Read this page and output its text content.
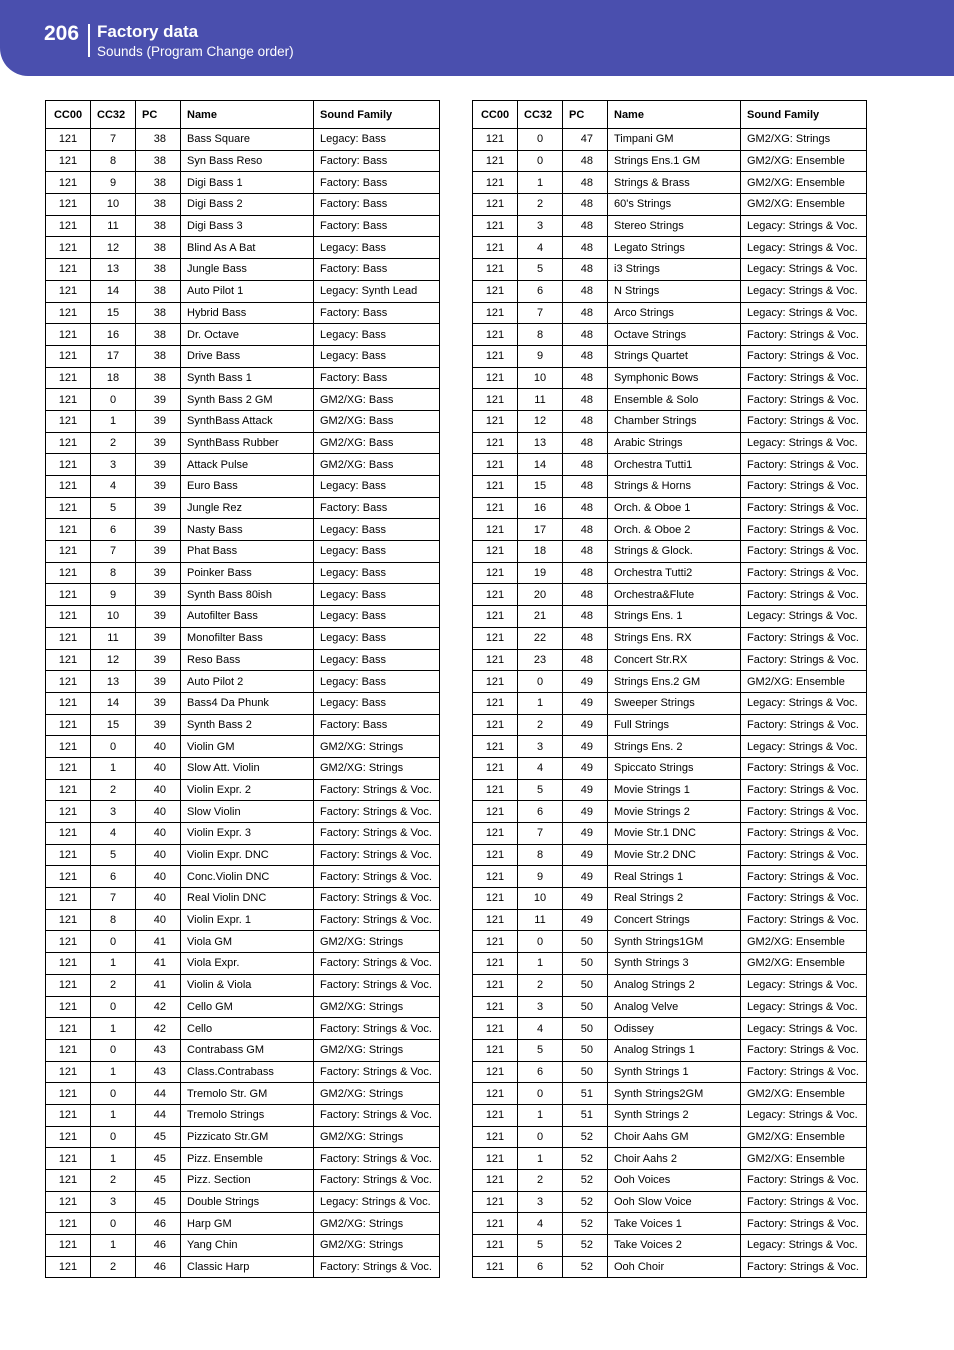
206 Factory data
Sounds (Program Change order)
CC00	CC32	PC	Name	Sound Family
121	7	38	Bass Square	Legacy: Bass
121	8	38	Syn Bass Reso	Factory: Bass
121	9	38	Digi Bass 1	Factory: Bass
121	10	38	Digi Bass 2	Factory: Bass
121	11	38	Digi Bass 3	Factory: Bass
121	12	38	Blind As A Bat	Legacy: Bass
121	13	38	Jungle Bass	Factory: Bass
121	14	38	Auto Pilot 1	Legacy: Synth Lead
121	15	38	Hybrid Bass	Factory: Bass
121	16	38	Dr. Octave	Legacy: Bass
121	17	38	Drive Bass	Legacy: Bass
121	18	38	Synth Bass 1	Factory: Bass
121	0	39	Synth Bass 2 GM	GM2/XG: Bass
121	1	39	SynthBass Attack	GM2/XG: Bass
121	2	39	SynthBass Rubber	GM2/XG: Bass
121	3	39	Attack Pulse	GM2/XG: Bass
121	4	39	Euro Bass	Legacy: Bass
121	5	39	Jungle Rez	Factory: Bass
121	6	39	Nasty Bass	Legacy: Bass
121	7	39	Phat Bass	Legacy: Bass
121	8	39	Poinker Bass	Legacy: Bass
121	9	39	Synth Bass 80ish	Legacy: Bass
121	10	39	Autofilter Bass	Legacy: Bass
121	11	39	Monofilter Bass	Legacy: Bass
121	12	39	Reso Bass	Legacy: Bass
121	13	39	Auto Pilot 2	Legacy: Bass
121	14	39	Bass4 Da Phunk	Legacy: Bass
121	15	39	Synth Bass 2	Factory: Bass
121	0	40	Violin GM	GM2/XG: Strings
121	1	40	Slow Att. Violin	GM2/XG: Strings
121	2	40	Violin Expr. 2	Factory: Strings & Voc.
121	3	40	Slow Violin	Factory: Strings & Voc.
121	4	40	Violin Expr. 3	Factory: Strings & Voc.
121	5	40	Violin Expr. DNC	Factory: Strings & Voc.
121	6	40	Conc.Violin DNC	Factory: Strings & Voc.
121	7	40	Real Violin DNC	Factory: Strings & Voc.
121	8	40	Violin Expr. 1	Factory: Strings & Voc.
121	0	41	Viola GM	GM2/XG: Strings
121	1	41	Viola Expr.	Factory: Strings & Voc.
121	2	41	Violin & Viola	Factory: Strings & Voc.
121	0	42	Cello GM	GM2/XG: Strings
121	1	42	Cello	Factory: Strings & Voc.
121	0	43	Contrabass GM	GM2/XG: Strings
121	1	43	Class.Contrabass	Factory: Strings & Voc.
121	0	44	Tremolo Str. GM	GM2/XG: Strings
121	1	44	Tremolo Strings	Factory: Strings & Voc.
121	0	45	Pizzicato Str.GM	GM2/XG: Strings
121	1	45	Pizz. Ensemble	Factory: Strings & Voc.
121	2	45	Pizz. Section	Factory: Strings & Voc.
121	3	45	Double Strings	Legacy: Strings & Voc.
121	0	46	Harp GM	GM2/XG: Strings
121	1	46	Yang Chin	GM2/XG: Strings
121	2	46	Classic Harp	Factory: Strings & Voc.
CC00	CC32	PC	Name	Sound Family
121	0	47	Timpani GM	GM2/XG: Strings
121	0	48	Strings Ens.1 GM	GM2/XG: Ensemble
121	1	48	Strings & Brass	GM2/XG: Ensemble
121	2	48	60's Strings	GM2/XG: Ensemble
121	3	48	Stereo Strings	Legacy: Strings & Voc.
121	4	48	Legato Strings	Legacy: Strings & Voc.
121	5	48	i3 Strings	Legacy: Strings & Voc.
121	6	48	N Strings	Legacy: Strings & Voc.
121	7	48	Arco Strings	Legacy: Strings & Voc.
121	8	48	Octave Strings	Factory: Strings & Voc.
121	9	48	Strings Quartet	Factory: Strings & Voc.
121	10	48	Symphonic Bows	Factory: Strings & Voc.
121	11	48	Ensemble & Solo	Factory: Strings & Voc.
121	12	48	Chamber Strings	Factory: Strings & Voc.
121	13	48	Arabic Strings	Legacy: Strings & Voc.
121	14	48	Orchestra Tutti1	Factory: Strings & Voc.
121	15	48	Strings & Horns	Factory: Strings & Voc.
121	16	48	Orch. & Oboe 1	Factory: Strings & Voc.
121	17	48	Orch. & Oboe 2	Factory: Strings & Voc.
121	18	48	Strings & Glock.	Factory: Strings & Voc.
121	19	48	Orchestra Tutti2	Factory: Strings & Voc.
121	20	48	Orchestra&Flute	Factory: Strings & Voc.
121	21	48	Strings Ens. 1	Legacy: Strings & Voc.
121	22	48	Strings Ens. RX	Factory: Strings & Voc.
121	23	48	Concert Str.RX	Factory: Strings & Voc.
121	0	49	Strings Ens.2 GM	GM2/XG: Ensemble
121	1	49	Sweeper Strings	Legacy: Strings & Voc.
121	2	49	Full Strings	Factory: Strings & Voc.
121	3	49	Strings Ens. 2	Legacy: Strings & Voc.
121	4	49	Spiccato Strings	Factory: Strings & Voc.
121	5	49	Movie Strings 1	Factory: Strings & Voc.
121	6	49	Movie Strings 2	Factory: Strings & Voc.
121	7	49	Movie Str.1 DNC	Factory: Strings & Voc.
121	8	49	Movie Str.2 DNC	Factory: Strings & Voc.
121	9	49	Real Strings 1	Factory: Strings & Voc.
121	10	49	Real Strings 2	Factory: Strings & Voc.
121	11	49	Concert Strings	Factory: Strings & Voc.
121	0	50	Synth Strings1GM	GM2/XG: Ensemble
121	1	50	Synth Strings 3	GM2/XG: Ensemble
121	2	50	Analog Strings 2	Legacy: Strings & Voc.
121	3	50	Analog Velve	Legacy: Strings & Voc.
121	4	50	Odissey	Legacy: Strings & Voc.
121	5	50	Analog Strings 1	Factory: Strings & Voc.
121	6	50	Synth Strings 1	Factory: Strings & Voc.
121	0	51	Synth Strings2GM	GM2/XG: Ensemble
121	1	51	Synth Strings 2	Legacy: Strings & Voc.
121	0	52	Choir Aahs GM	GM2/XG: Ensemble
121	1	52	Choir Aahs 2	GM2/XG: Ensemble
121	2	52	Ooh Voices	Factory: Strings & Voc.
121	3	52	Ooh Slow Voice	Factory: Strings & Voc.
121	4	52	Take Voices 1	Factory: Strings & Voc.
121	5	52	Take Voices 2	Legacy: Strings & Voc.
121	6	52	Ooh Choir	Factory: Strings & Voc.
